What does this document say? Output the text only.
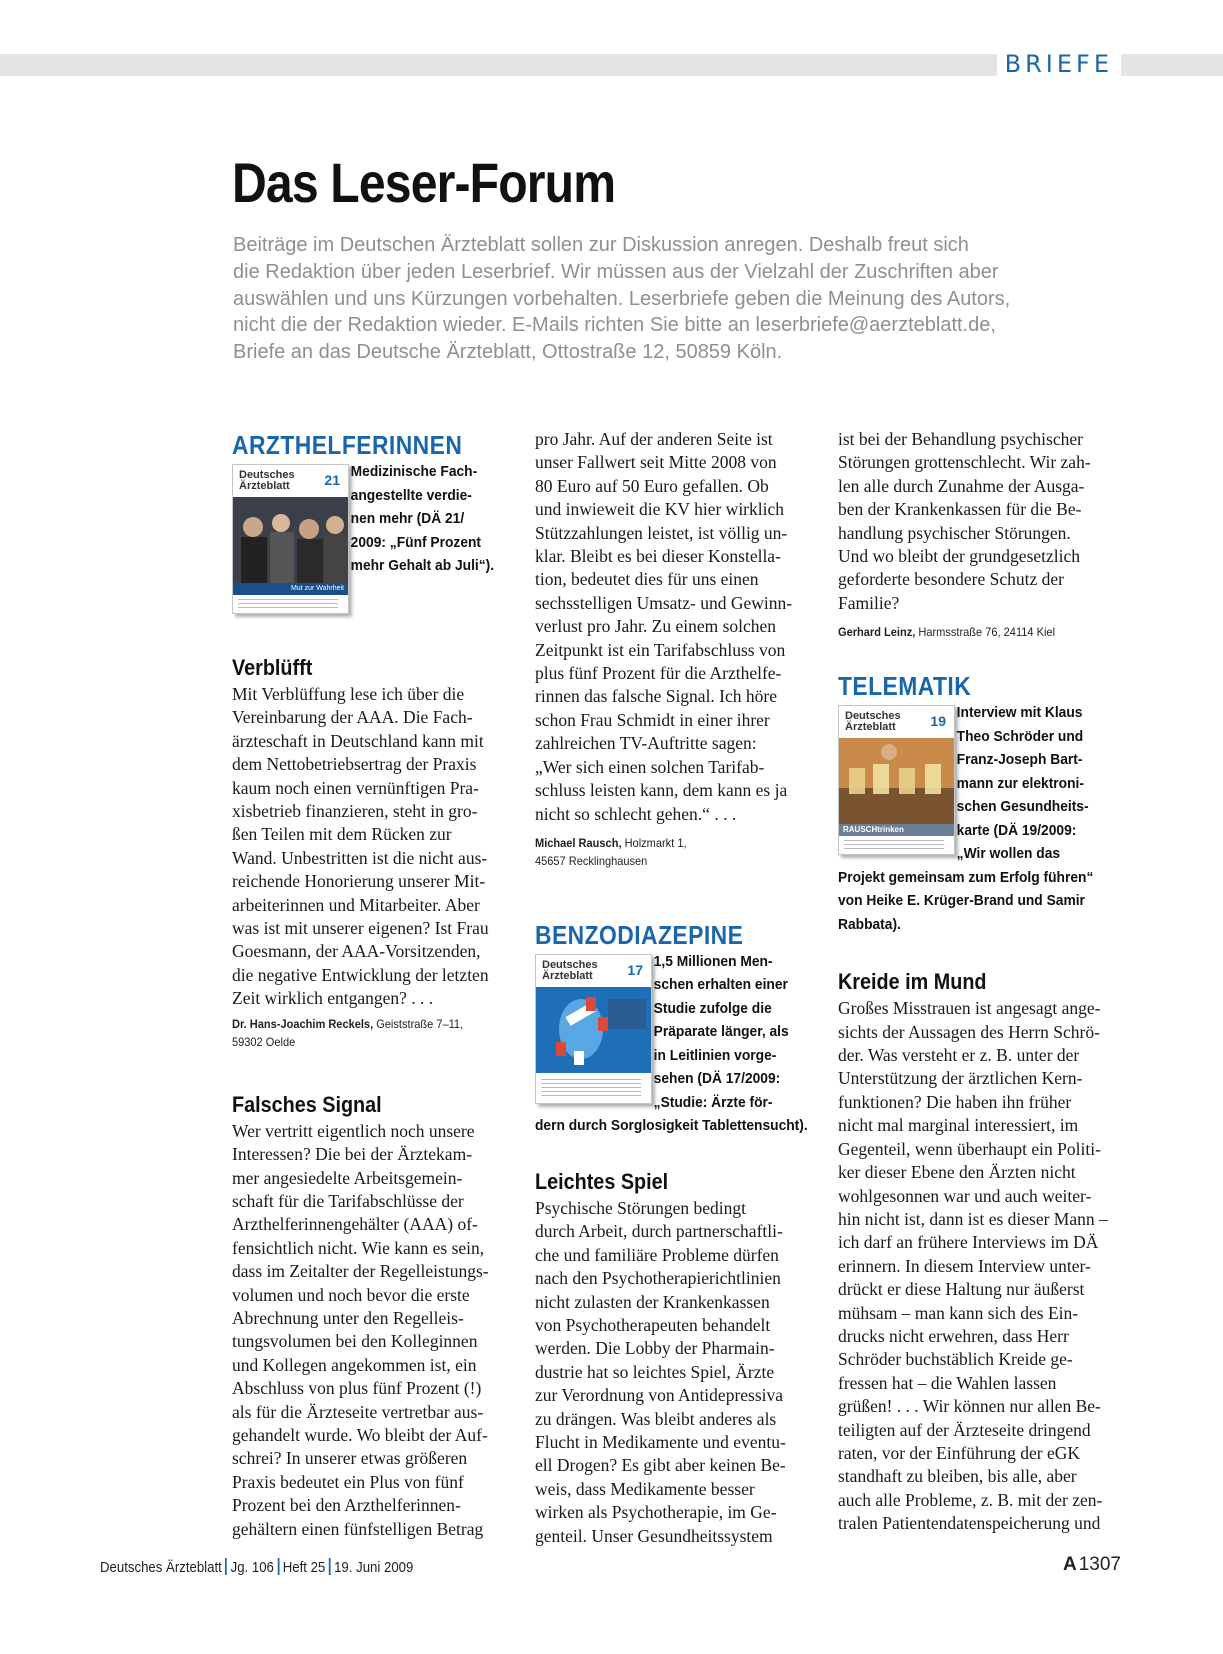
BRIEFE

Das Leser-Forum

Beiträge im Deutschen Ärzteblatt sollen zur Diskussion anregen. Deshalb freut sich
die Redaktion über jeden Leserbrief. Wir müssen aus der Vielzahl der Zuschriften aber
auswählen und uns Kürzungen vorbehalten. Leserbriefe geben die Meinung des Autors,
nicht die der Redaktion wieder. E-Mails richten Sie bitte an leserbriefe@aerzteblatt.de,
Briefe an das Deutsche Ärzteblatt, Ottostraße 12, 50859 Köln.

ARZTHELFERINNEN
Deutsches
Ärzteblatt	21
Mut zur Wahrheit

Medizinische Fach-
angestellte verdie-
nen mehr (DÄ 21/
2009: „Fünf Prozent
mehr Gehalt ab Juli“).

Verblüfft

Mit Verblüffung lese ich über die
Vereinbarung der AAA. Die Fach-
ärzteschaft in Deutschland kann mit
dem Nettobetriebsertrag der Praxis
kaum noch einen vernünftigen Pra-
xisbetrieb finanzieren, steht in gro-
ßen Teilen mit dem Rücken zur
Wand. Unbestritten ist die nicht aus-
reichende Honorierung unserer Mit-
arbeiterinnen und Mitarbeiter. Aber
was ist mit unserer eigenen? Ist Frau
Goesmann, der AAA-Vorsitzenden,
die negative Entwicklung der letzten
Zeit wirklich entgangen? . . .

Dr. Hans-Joachim Reckels, Geiststraße 7–11,
59302 Oelde

Falsches Signal

Wer vertritt eigentlich noch unsere
Interessen? Die bei der Ärztekam-
mer angesiedelte Arbeitsgemein-
schaft für die Tarifabschlüsse der
Arzthelferinnengehälter (AAA) of-
fensichtlich nicht. Wie kann es sein,
dass im Zeitalter der Regelleistungs-
volumen und noch bevor die erste
Abrechnung unter den Regelleis-
tungsvolumen bei den Kolleginnen
und Kollegen angekommen ist, ein
Abschluss von plus fünf Prozent (!)
als für die Ärzteseite vertretbar aus-
gehandelt wurde. Wo bleibt der Auf-
schrei? In unserer etwas größeren
Praxis bedeutet ein Plus von fünf
Prozent bei den Arzthelferinnen-
gehältern einen fünfstelligen Betrag

pro Jahr. Auf der anderen Seite ist
unser Fallwert seit Mitte 2008 von
80 Euro auf 50 Euro gefallen. Ob
und inwieweit die KV hier wirklich
Stützzahlungen leistet, ist völlig un-
klar. Bleibt es bei dieser Konstella-
tion, bedeutet dies für uns einen
sechsstelligen Umsatz- und Gewinn-
verlust pro Jahr. Zu einem solchen
Zeitpunkt ist ein Tarifabschluss von
plus fünf Prozent für die Arzthelfe-
rinnen das falsche Signal. Ich höre
schon Frau Schmidt in einer ihrer
zahlreichen TV-Auftritte sagen:
„Wer sich einen solchen Tarifab-
schluss leisten kann, dem kann es ja
nicht so schlecht gehen.“ . . .

Michael Rausch, Holzmarkt 1,
45657 Recklinghausen

BENZODIAZEPINE
Deutsches
Ärzteblatt	17 1,5 Millionen Men-
schen erhalten einer
Studie zufolge die
Präparate länger, als
in Leitlinien vorge-
sehen (DÄ 17/2009:
„Studie: Ärzte för-

dern durch Sorglosigkeit Tablettensucht).

Leichtes Spiel

Psychische Störungen bedingt
durch Arbeit, durch partnerschaftli-
che und familiäre Probleme dürfen
nach den Psychotherapierichtlinien
nicht zulasten der Krankenkassen
von Psychotherapeuten behandelt
werden. Die Lobby der Pharmain-
dustrie hat so leichtes Spiel, Ärzte
zur Verordnung von Antidepressiva
zu drängen. Was bleibt anderes als
Flucht in Medikamente und eventu-
ell Drogen? Es gibt aber keinen Be-
weis, dass Medikamente besser
wirken als Psychotherapie, im Ge-
genteil. Unser Gesundheitssystem

ist bei der Behandlung psychischer
Störungen grottenschlecht. Wir zah-
len alle durch Zunahme der Ausga-
ben der Krankenkassen für die Be-
handlung psychischer Störungen.
Und wo bleibt der grundgesetzlich
geforderte besondere Schutz der
Familie?

Gerhard Leinz, Harmsstraße 76, 24114 Kiel

TELEMATIK
Deutsches
Ärzteblatt	19
RAUSCHtrinken

Interview mit Klaus
Theo Schröder und
Franz-Joseph Bart-
mann zur elektroni-
schen Gesundheits-
karte (DÄ 19/2009:
„Wir wollen das

Projekt gemeinsam zum Erfolg führen“
von Heike E. Krüger-Brand und Samir
Rabbata).

Kreide im Mund

Großes Misstrauen ist angesagt ange-
sichts der Aussagen des Herrn Schrö-
der. Was versteht er z. B. unter der
Unterstützung der ärztlichen Kern-
funktionen? Die haben ihn früher
nicht mal marginal interessiert, im
Gegenteil, wenn überhaupt ein Politi-
ker dieser Ebene den Ärzten nicht
wohlgesonnen war und auch weiter-
hin nicht ist, dann ist es dieser Mann –
ich darf an frühere Interviews im DÄ
erinnern. In diesem Interview unter-
drückt er diese Haltung nur äußerst
mühsam – man kann sich des Ein-
drucks nicht erwehren, dass Herr
Schröder buchstäblich Kreide ge-
fressen hat – die Wahlen lassen
grüßen! . . . Wir können nur allen Be-
teiligten auf der Ärzteseite dringend
raten, vor der Einführung der eGK
standhaft zu bleiben, bis alle, aber
auch alle Probleme, z. B. mit der zen-
tralen Patientendatenspeicherung und

Deutsches Ärzteblatt Jg. 106 Heft 25 19. Juni 2009	A 1307
